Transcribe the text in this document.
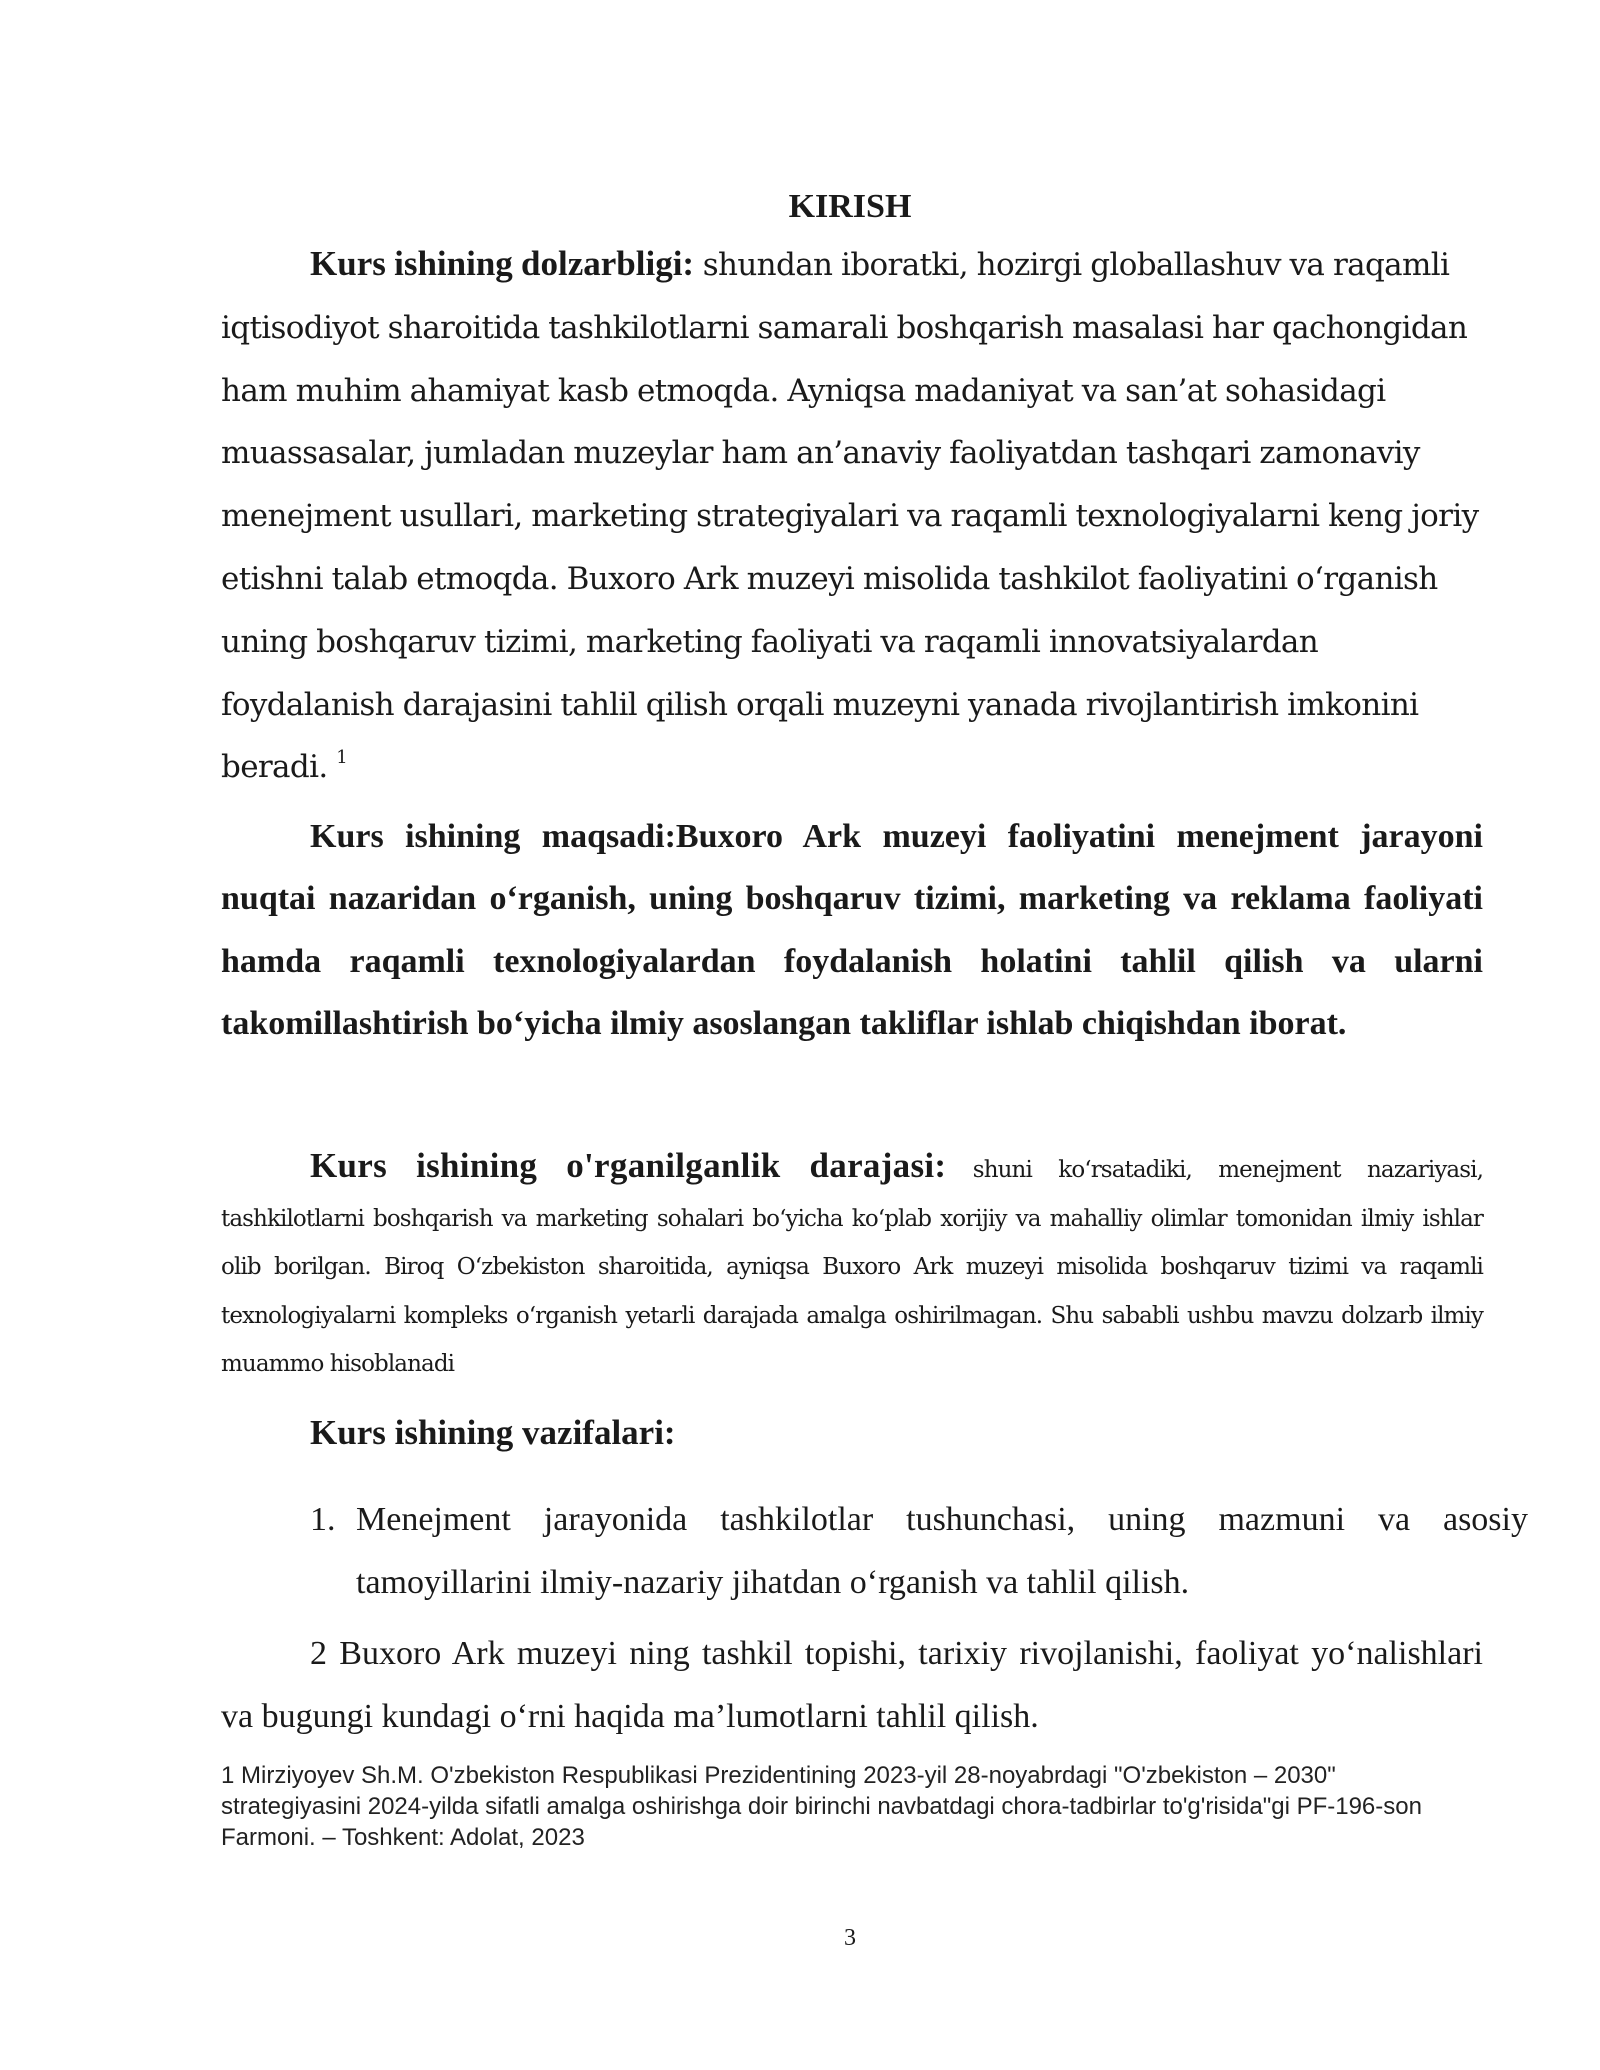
KIRISH

Kurs ishining dolzarbligi: shundan iboratki, hozirgi globallashuv va raqamli iqtisodiyot sharoitida tashkilotlarni samarali boshqarish masalasi har qachongidan ham muhim ahamiyat kasb etmoqda. Ayniqsa madaniyat va san’at sohasidagi muassasalar, jumladan muzeylar ham an’anaviy faoliyatdan tashqari zamonaviy menejment usullari, marketing strategiyalari va raqamli texnologiyalarni keng joriy etishni talab etmoqda. Buxoro Ark muzeyi misolida tashkilot faoliyatini o‘rganish uning boshqaruv tizimi, marketing faoliyati va raqamli innovatsiyalardan foydalanish darajasini tahlil qilish orqali muzeyni yanada rivojlantirish imkonini beradi. $^1$

Kurs ishining maqsadi:Buxoro Ark muzeyi faoliyatini menejment jarayoni nuqtai nazaridan o‘rganish, uning boshqaruv tizimi, marketing va reklama faoliyati hamda raqamli texnologiyalardan foydalanish holatini tahlil qilish va ularni takomillashtirish bo‘yicha ilmiy asoslangan takliflar ishlab chiqishdan iborat.

Kurs ishining o'rganilganlik darajasi: shuni ko‘rsatadiki, menejment nazariyasi, tashkilotlarni boshqarish va marketing sohalari bo‘yicha ko‘plab xorijiy va mahalliy olimlar tomonidan ilmiy ishlar olib borilgan. Biroq O‘zbekiston sharoitida, ayniqsa Buxoro Ark muzeyi misolida boshqaruv tizimi va raqamli texnologiyalarni kompleks o‘rganish yetarli darajada amalga oshirilmagan. Shu sababli ushbu mavzu dolzarb ilmiy muammo hisoblanadi

Kurs ishining vazifalari:

1. Menejment jarayonida tashkilotlar tushunchasi, uning mazmuni va asosiy tamoyillarini ilmiy-nazariy jihatdan o‘rganish va tahlil qilish.

2 Buxoro Ark muzeyi ning tashkil topishi, tarixiy rivojlanishi, faoliyat yo‘nalishlari va bugungi kundagi o‘rni haqida ma’lumotlarni tahlil qilish.

1 Mirziyoyev Sh.M. O'zbekiston Respublikasi Prezidentining 2023-yil 28-noyabrdagi "O'zbekiston – 2030" strategiyasini 2024-yilda sifatli amalga oshirishga doir birinchi navbatdagi chora-tadbirlar to'g'risida"gi PF-196-son Farmoni. – Toshkent: Adolat, 2023

3
